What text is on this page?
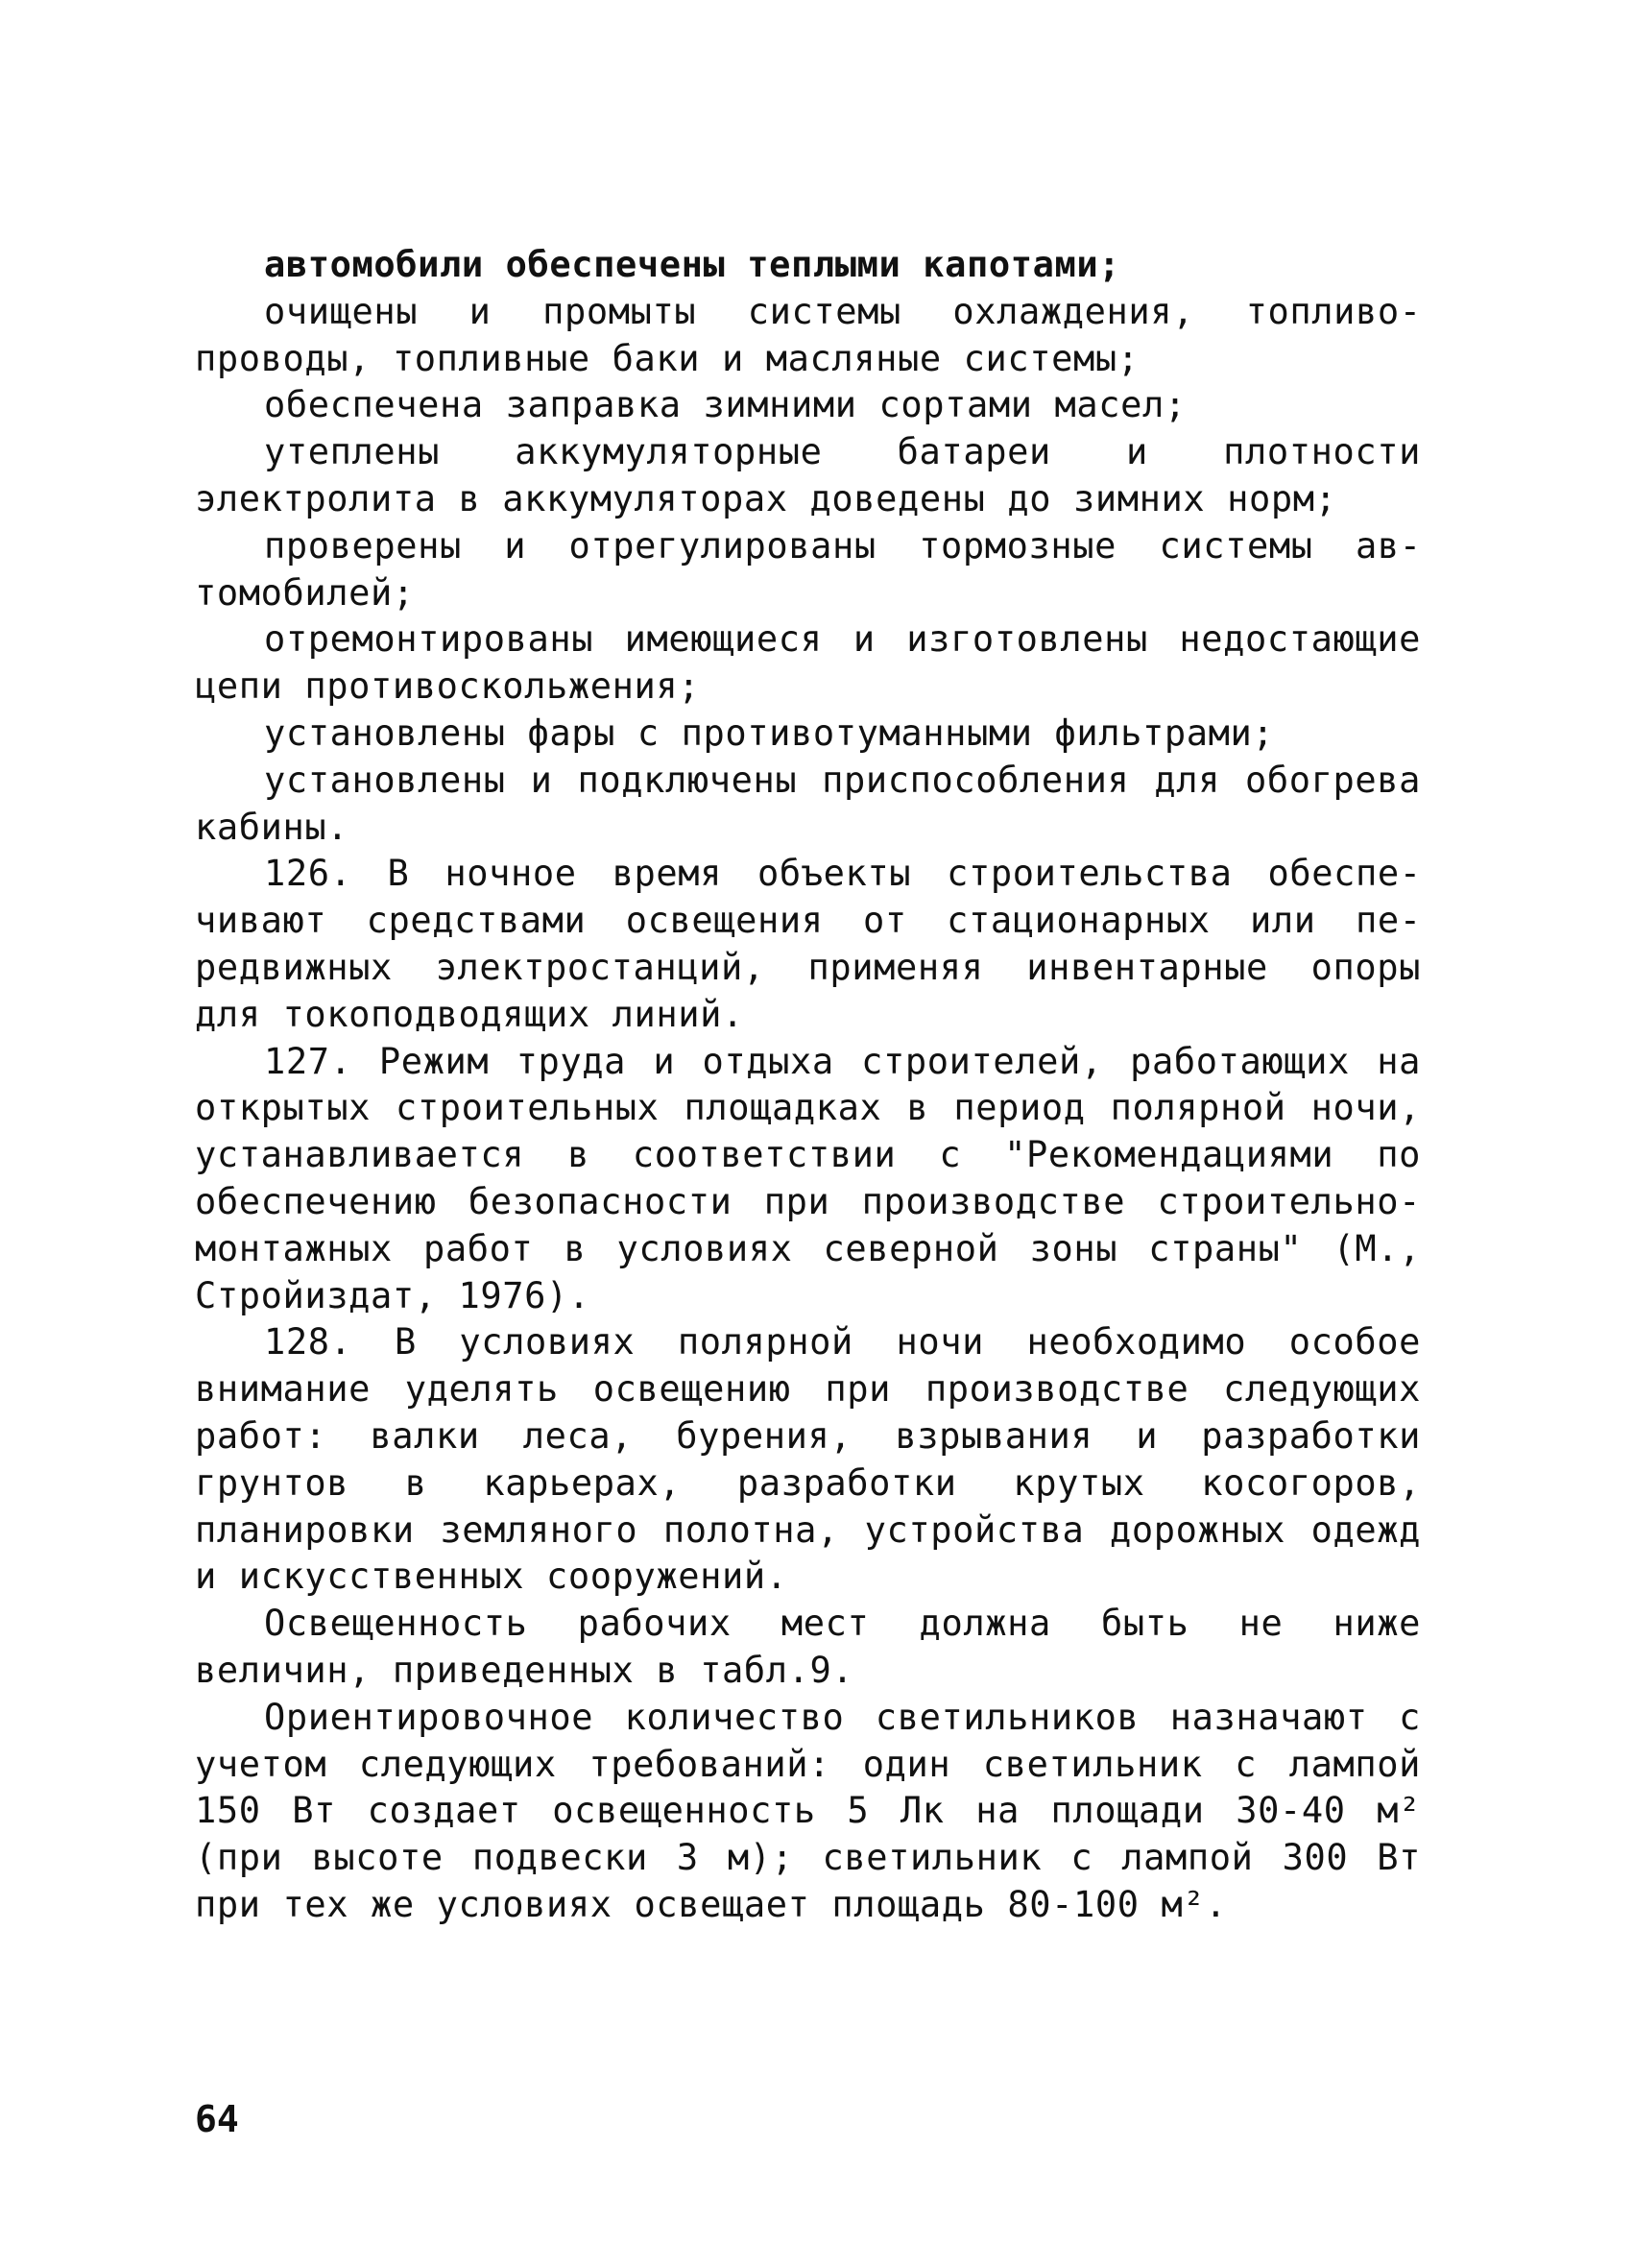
автомобили обеспечены теплыми капотами;

очищены и промыты системы охлаждения, топливопроводы, топливные баки и масляные системы;

обеспечена заправка зимними сортами масел;

утеплены аккумуляторные батареи и плотности электролита в аккумуляторах доведены до зимних норм;

проверены и отрегулированы тормозные системы автомобилей;

отремонтированы имеющиеся и изготовлены недостающие цепи противоскольжения;

установлены фары с противотуманными фильтрами;

установлены и подключены приспособления для обогрева кабины.

126. В ночное время объекты строительства обеспечивают средствами освещения от стационарных или передвижных электростанций, применяя инвентарные опоры для токоподводящих линий.

127. Режим труда и отдыха строителей, работающих на открытых строительных площадках в период полярной ночи, устанавливается в соответствии с "Рекомендациями по обеспечению безопасности при производстве строительно-монтажных работ в условиях северной зоны страны" (М., Стройиздат, 1976).

128. В условиях полярной ночи необходимо особое внимание уделять освещению при производстве следующих работ: валки леса, бурения, взрывания и разработки грунтов в карьерах, разработки крутых косогоров, планировки земляного полотна, устройства дорожных одежд и искусственных сооружений.

Освещенность рабочих мест должна быть не ниже величин, приведенных в табл.9.

Ориентировочное количество светильников назначают с учетом следующих требований: один светильник с лампой 150 Вт создает освещенность 5 Лк на площади 30-40 м² (при высоте подвески 3 м); светильник с лампой 300 Вт при тех же условиях освещает площадь 80-100 м².

64
